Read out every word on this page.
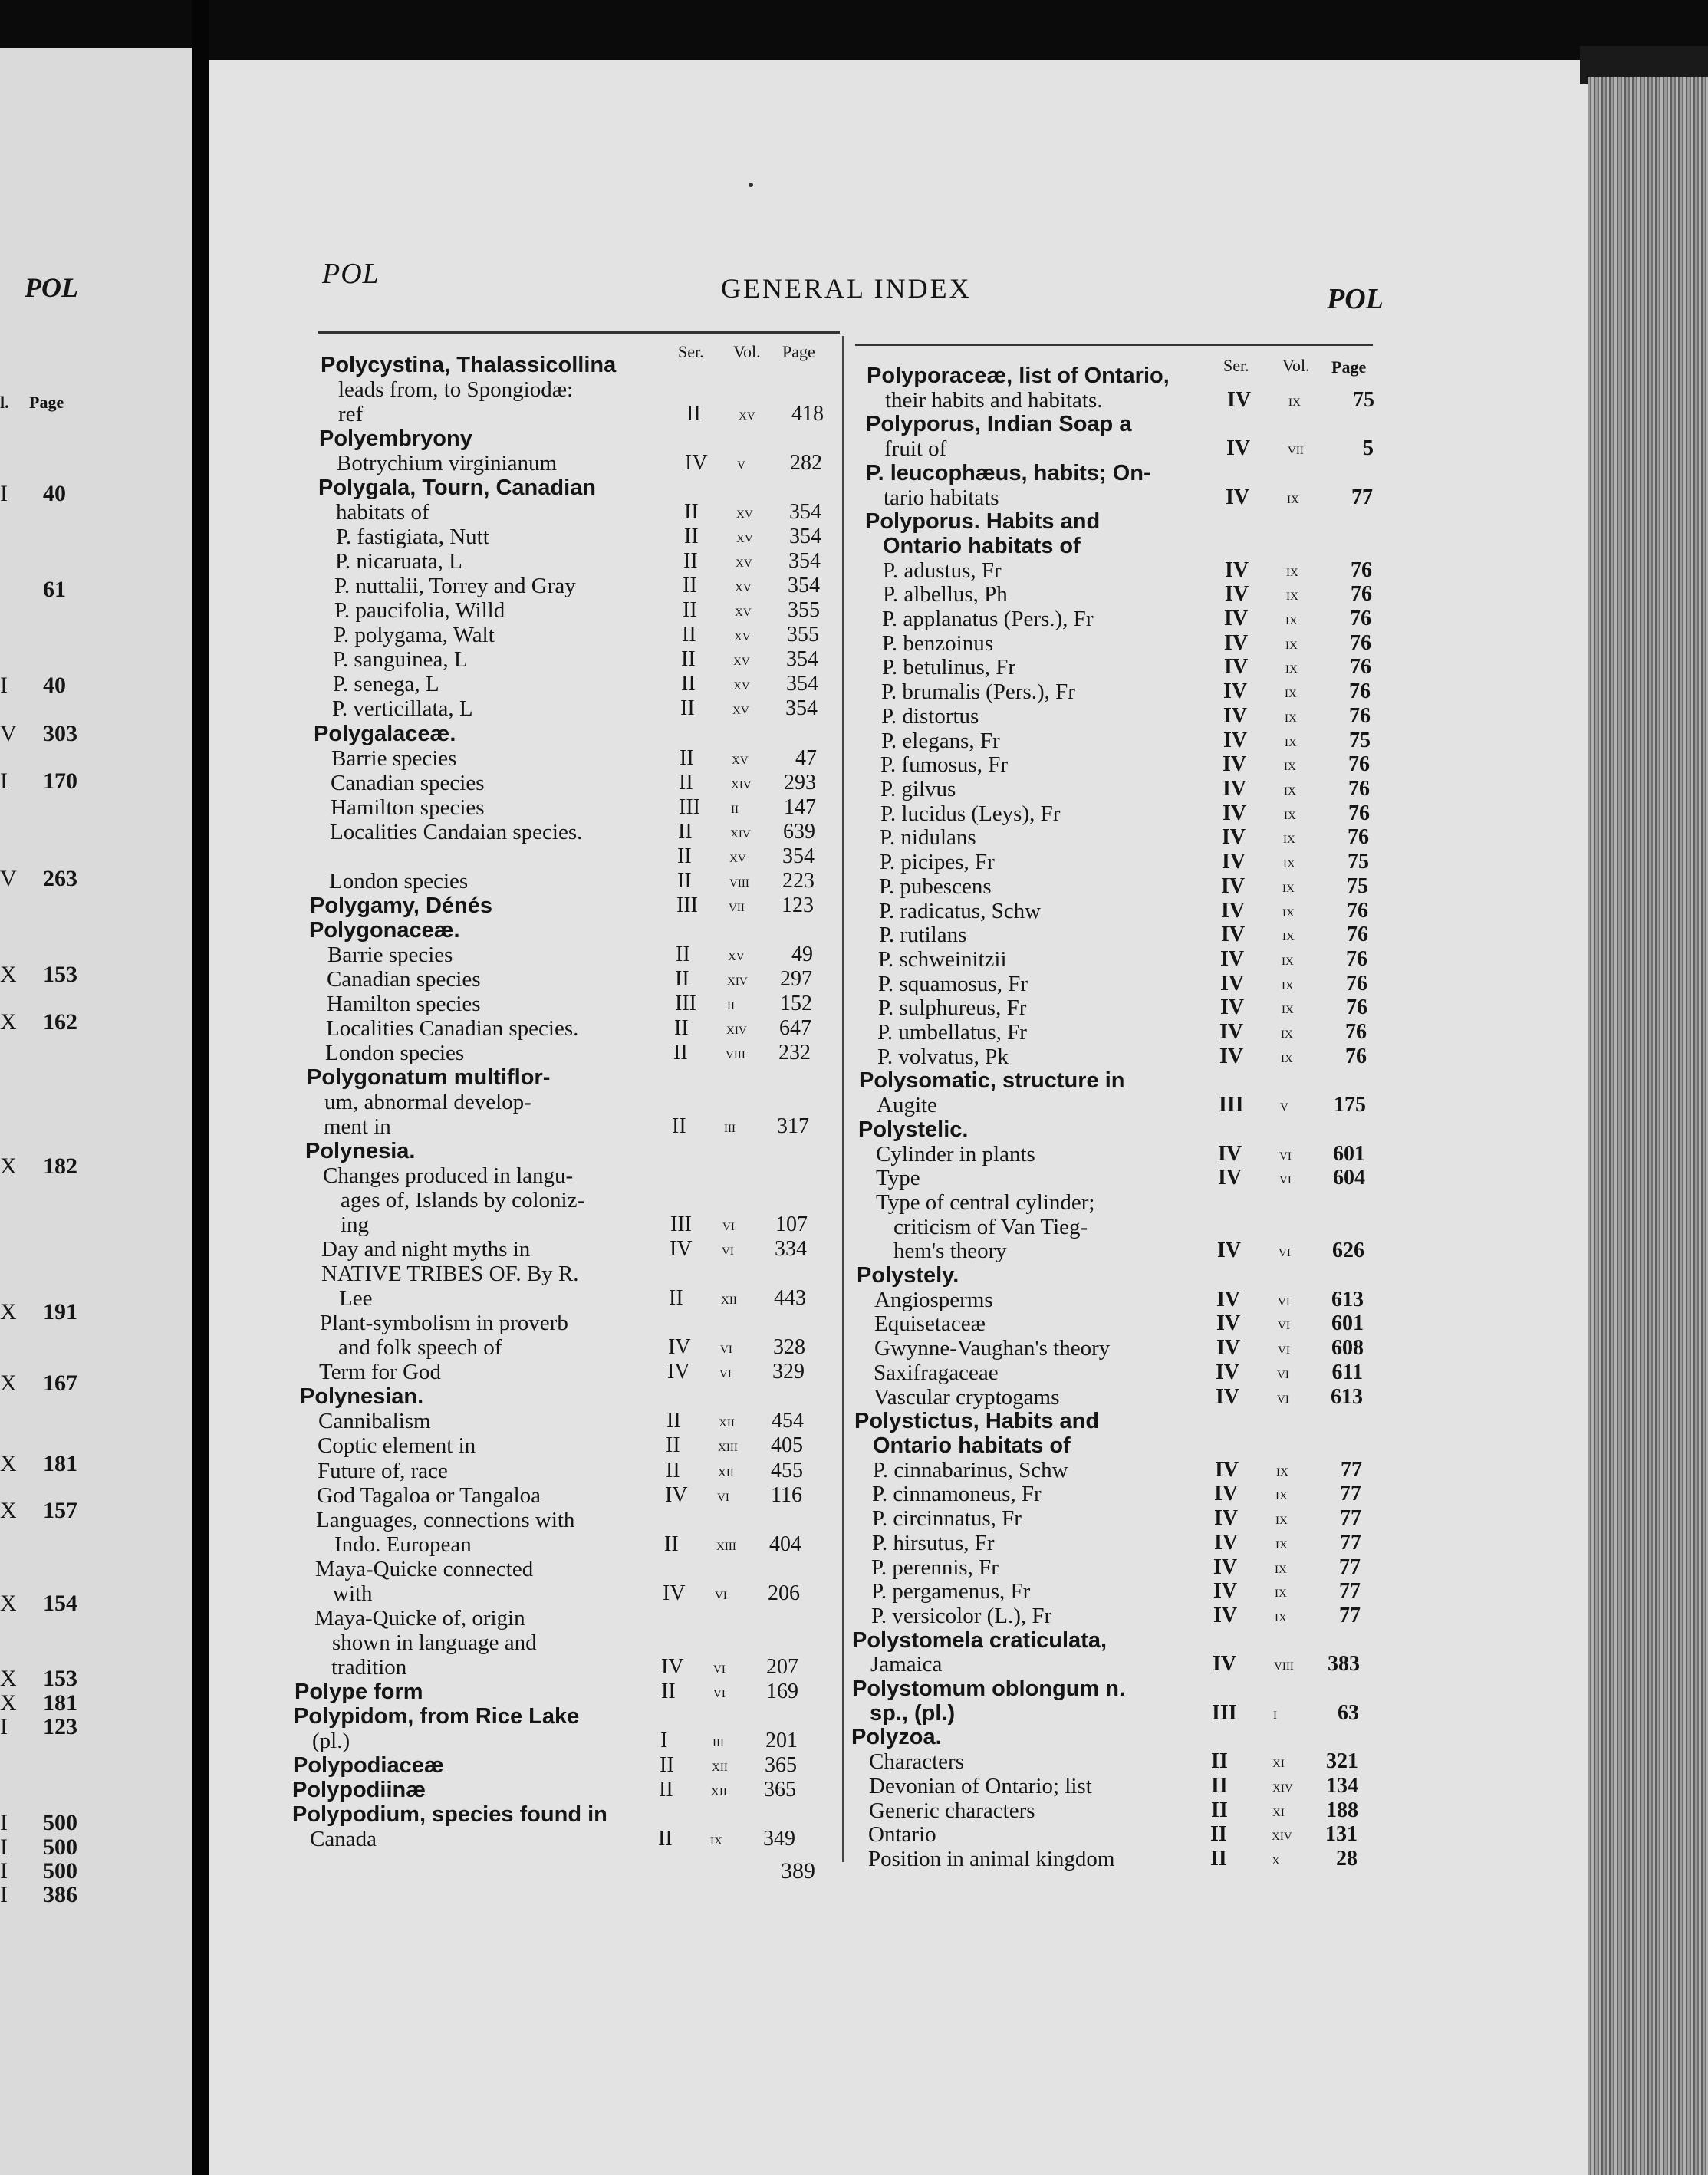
POL
l. Page
I 40
61
I 40
V 303
I 170
V 263
X 153
X 162
X 182
X 191
X 167
X 181
X 157
X 154
X 153
X 181
I 123
I 500
I 500
I 500
I 386
POL	GENERAL INDEX	POL
Ser. Vol. Page
Ser. Vol. Page
Polycystina, Thalassicollina
leads from, to Spongiodæ:
ref	II xv	418
Polyembryony
Botrychium virginianum	IV v	282
Polygala, Tourn, Canadian
habitats of	II xv	354
P. fastigiata, Nutt	II xv	354
P. nicaruata, L	II xv	354
P. nuttalii, Torrey and Gray	II xv	354
P. paucifolia, Willd	II xv	355
P. polygama, Walt	II xv	355
P. sanguinea, L	II xv	354
P. senega, L	II xv	354
P. verticillata, L	II xv	354
Polygalaceæ.
Barrie species	II xv	47
Canadian species	II xiv	293
Hamilton species	III ii	147
Localities Candaian species.	II xiv	639
II xv	354
London species	II viii	223
Polygamy, Dénés	III vii	123
Polygonaceæ.
Barrie species	II xv	49
Canadian species	II xiv	297
Hamilton species	III ii	152
Localities Canadian species.	II xiv	647
London species	II viii	232
Polygonatum multiflor-
um, abnormal develop-
ment in	II iii	317
Polynesia.
Changes produced in langu-
ages of, Islands by coloniz-
ing	III vi	107
Day and night myths in	IV vi	334
NATIVE TRIBES OF. By R.
Lee	II xii	443
Plant-symbolism in proverb
and folk speech of	IV vi	328
Term for God	IV vi	329
Polynesian.
Cannibalism	II xii	454
Coptic element in	II xiii	405
Future of, race	II xii	455
God Tagaloa or Tangaloa	IV vi	116
Languages, connections with
Indo. European	II xiii	404
Maya-Quicke connected
with	IV vi	206
Maya-Quicke of, origin
shown in language and
tradition	IV vi	207
Polype form	II vi	169
Polypidom, from Rice Lake
(pl.)	I	iii	201
Polypodiaceæ	II xii	365
Polypodiinæ	II xii	365
Polypodium, species found in
Canada	II ix	349
Polyporaceæ, list of Ontario,
their habits and habitats.	IV ix	75
Polyporus, Indian Soap a
fruit of	IV vii	5
P. leucophæus, habits; On-
tario habitats	IV ix	77
Polyporus. Habits and
Ontario habitats of
P. adustus, Fr	IV ix	76
P. albellus, Ph	IV ix	76
P. applanatus (Pers.), Fr	IV ix	76
P. benzoinus	IV ix	76
P. betulinus, Fr	IV ix	76
P. brumalis (Pers.), Fr	IV ix	76
P. distortus	IV ix	76
P. elegans, Fr	IV ix	75
P. fumosus, Fr	IV ix	76
P. gilvus	IV ix	76
P. lucidus (Leys), Fr	IV ix	76
P. nidulans	IV ix	76
P. picipes, Fr	IV ix	75
P. pubescens	IV ix	75
P. radicatus, Schw	IV ix	76
P. rutilans	IV ix	76
P. schweinitzii	IV ix	76
P. squamosus, Fr	IV ix	76
P. sulphureus, Fr	IV ix	76
P. umbellatus, Fr	IV ix	76
P. volvatus, Pk	IV ix	76
Polysomatic, structure in
Augite	III v	175
Polystelic.
Cylinder in plants	IV vi	601
Type	IV vi	604
Type of central cylinder;
criticism of Van Tieg-
hem's theory	IV vi	626
Polystely.
Angiosperms	IV vi	613
Equisetaceæ	IV vi	601
Gwynne-Vaughan's theory	IV vi	608
Saxifragaceae	IV vi	611
Vascular cryptogams	IV vi	613
Polystictus, Habits and
Ontario habitats of
P. cinnabarinus, Schw	IV ix	77
P. cinnamoneus, Fr	IV ix	77
P. circinnatus, Fr	IV ix	77
P. hirsutus, Fr	IV ix	77
P. perennis, Fr	IV ix	77
P. pergamenus, Fr	IV ix	77
P. versicolor (L.), Fr	IV ix	77
Polystomela craticulata,
Jamaica	IV viii	383
Polystomum oblongum n.
sp., (pl.)	III i	63
Polyzoa.
Characters	II	xi	321
Devonian of Ontario; list	II	xiv	134
Generic characters	II	xi	188
Ontario	II	xiv	131
Position in animal kingdom	II	x	28
389
